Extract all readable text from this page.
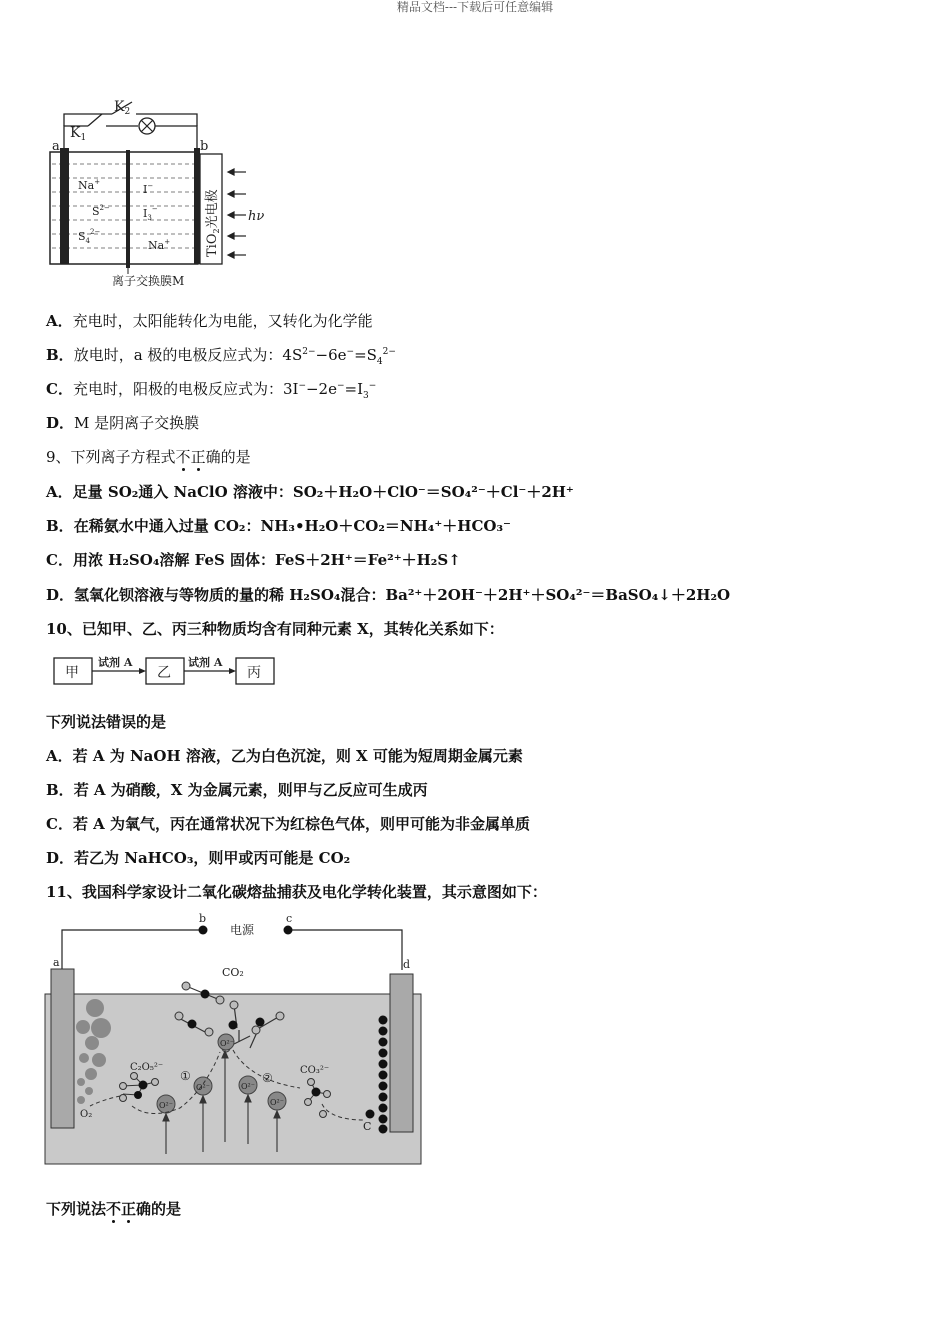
精品文档---下载后可任意编辑
$K_2$
$K_1$
a	b
TiO$_2$光电极
Na+
$S^{2-}$
$S_4^{2-}$
I−
$I_3^-$
Na+
hν
离子交换膜M
A．充电时，太阳能转化为电能，又转化为化学能
B．放电时，a 极的电极反应式为：$4S^{2-}-6e^-=S_4^{2-}$
C．充电时，阳极的电极反应式为：$3I^--2e^-=I_3^-$
D．M 是阴离子交换膜
9、下列离子方程式不正确的是
A．足量 SO₂通入 NaClO 溶液中：SO₂＋H₂O＋ClO⁻＝SO₄²⁻＋Cl⁻＋2H⁺
B．在稀氨水中通入过量 CO₂：NH₃•H₂O＋CO₂＝NH₄⁺＋HCO₃⁻
C．用浓 H₂SO₄溶解 FeS 固体：FeS＋2H⁺＝Fe²⁺＋H₂S↑
D．氢氧化钡溶液与等物质的量的稀 H₂SO₄混合：Ba²⁺＋2OH⁻＋2H⁺＋SO₄²⁻＝BaSO₄↓＋2H₂O
10、已知甲、乙、丙三种物质均含有同种元素 X，其转化关系如下：
甲	乙	丙
试剂 A	试剂 A
下列说法错误的是
A．若 A 为 NaOH 溶液，乙为白色沉淀，则 X 可能为短周期金属元素
B．若 A 为硝酸，X 为金属元素，则甲与乙反应可生成丙
C．若 A 为氧气，丙在通常状况下为红棕色气体，则甲可能为非金属单质
D．若乙为 NaHCO₃，则甲或丙可能是 CO₂
11、我国科学家设计二氧化碳熔盐捕获及电化学转化装置，其示意图如下：
b	c
电源
a	d
O₂
C
CO₂
O²⁻
O²⁻
O²⁻
O²⁻
O²⁻
C₂O₅²⁻	CO₃²⁻
①	②
下列说法不正确的是
